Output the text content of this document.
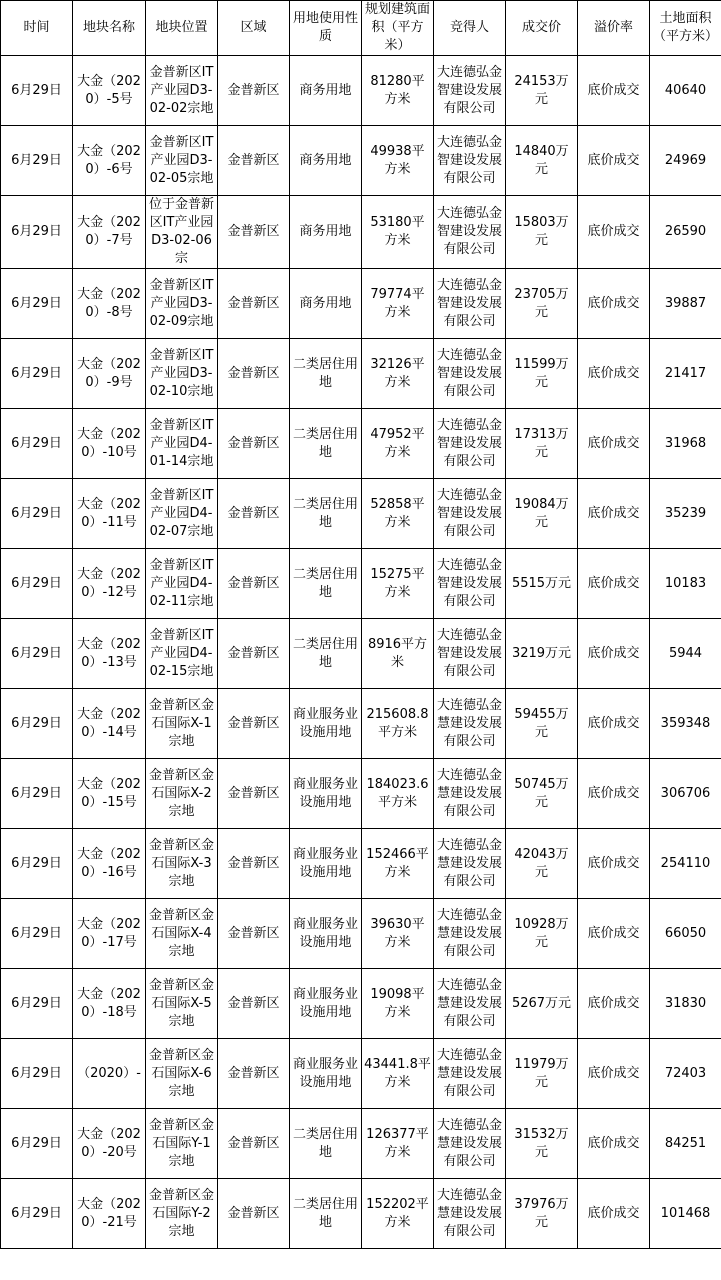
时间	地块名称	地块位置	区域	用地使用性质	规划建筑面积（平方米）	竞得人	成交价	溢价率	土地面积（平方米）
6月29日	大金（2020）-5号	金普新区IT产业园D3-02-02宗地	金普新区	商务用地	81280平方米	大连德弘金智建设发展有限公司	24153万元	底价成交	40640
6月29日	大金（2020）-6号	金普新区IT产业园D3-02-05宗地	金普新区	商务用地	49938平方米	大连德弘金智建设发展有限公司	14840万元	底价成交	24969
6月29日	大金（2020）-7号	位于金普新区IT产业园D3-02-06宗	金普新区	商务用地	53180平方米	大连德弘金智建设发展有限公司	15803万元	底价成交	26590
6月29日	大金（2020）-8号	金普新区IT产业园D3-02-09宗地	金普新区	商务用地	79774平方米	大连德弘金智建设发展有限公司	23705万元	底价成交	39887
6月29日	大金（2020）-9号	金普新区IT产业园D3-02-10宗地	金普新区	二类居住用地	32126平方米	大连德弘金智建设发展有限公司	11599万元	底价成交	21417
6月29日	大金（2020）-10号	金普新区IT产业园D4-01-14宗地	金普新区	二类居住用地	47952平方米	大连德弘金智建设发展有限公司	17313万元	底价成交	31968
6月29日	大金（2020）-11号	金普新区IT产业园D4-02-07宗地	金普新区	二类居住用地	52858平方米	大连德弘金智建设发展有限公司	19084万元	底价成交	35239
6月29日	大金（2020）-12号	金普新区IT产业园D4-02-11宗地	金普新区	二类居住用地	15275平方米	大连德弘金智建设发展有限公司	5515万元	底价成交	10183
6月29日	大金（2020）-13号	金普新区IT产业园D4-02-15宗地	金普新区	二类居住用地	8916平方米	大连德弘金智建设发展有限公司	3219万元	底价成交	5944
6月29日	大金（2020）-14号	金普新区金石国际X-1宗地	金普新区	商业服务业设施用地	215608.8平方米	大连德弘金慧建设发展有限公司	59455万元	底价成交	359348
6月29日	大金（2020）-15号	金普新区金石国际X-2宗地	金普新区	商业服务业设施用地	184023.6平方米	大连德弘金慧建设发展有限公司	50745万元	底价成交	306706
6月29日	大金（2020）-16号	金普新区金石国际X-3宗地	金普新区	商业服务业设施用地	152466平方米	大连德弘金慧建设发展有限公司	42043万元	底价成交	254110
6月29日	大金（2020）-17号	金普新区金石国际X-4宗地	金普新区	商业服务业设施用地	39630平方米	大连德弘金慧建设发展有限公司	10928万元	底价成交	66050
6月29日	大金（2020）-18号	金普新区金石国际X-5宗地	金普新区	商业服务业设施用地	19098平方米	大连德弘金慧建设发展有限公司	5267万元	底价成交	31830
6月29日	（2020）-	金普新区金石国际X-6宗地	金普新区	商业服务业设施用地	43441.8平方米	大连德弘金慧建设发展有限公司	11979万元	底价成交	72403
6月29日	大金（2020）-20号	金普新区金石国际Y-1宗地	金普新区	二类居住用地	126377平方米	大连德弘金慧建设发展有限公司	31532万元	底价成交	84251
6月29日	大金（2020）-21号	金普新区金石国际Y-2宗地	金普新区	二类居住用地	152202平方米	大连德弘金慧建设发展有限公司	37976万元	底价成交	101468
